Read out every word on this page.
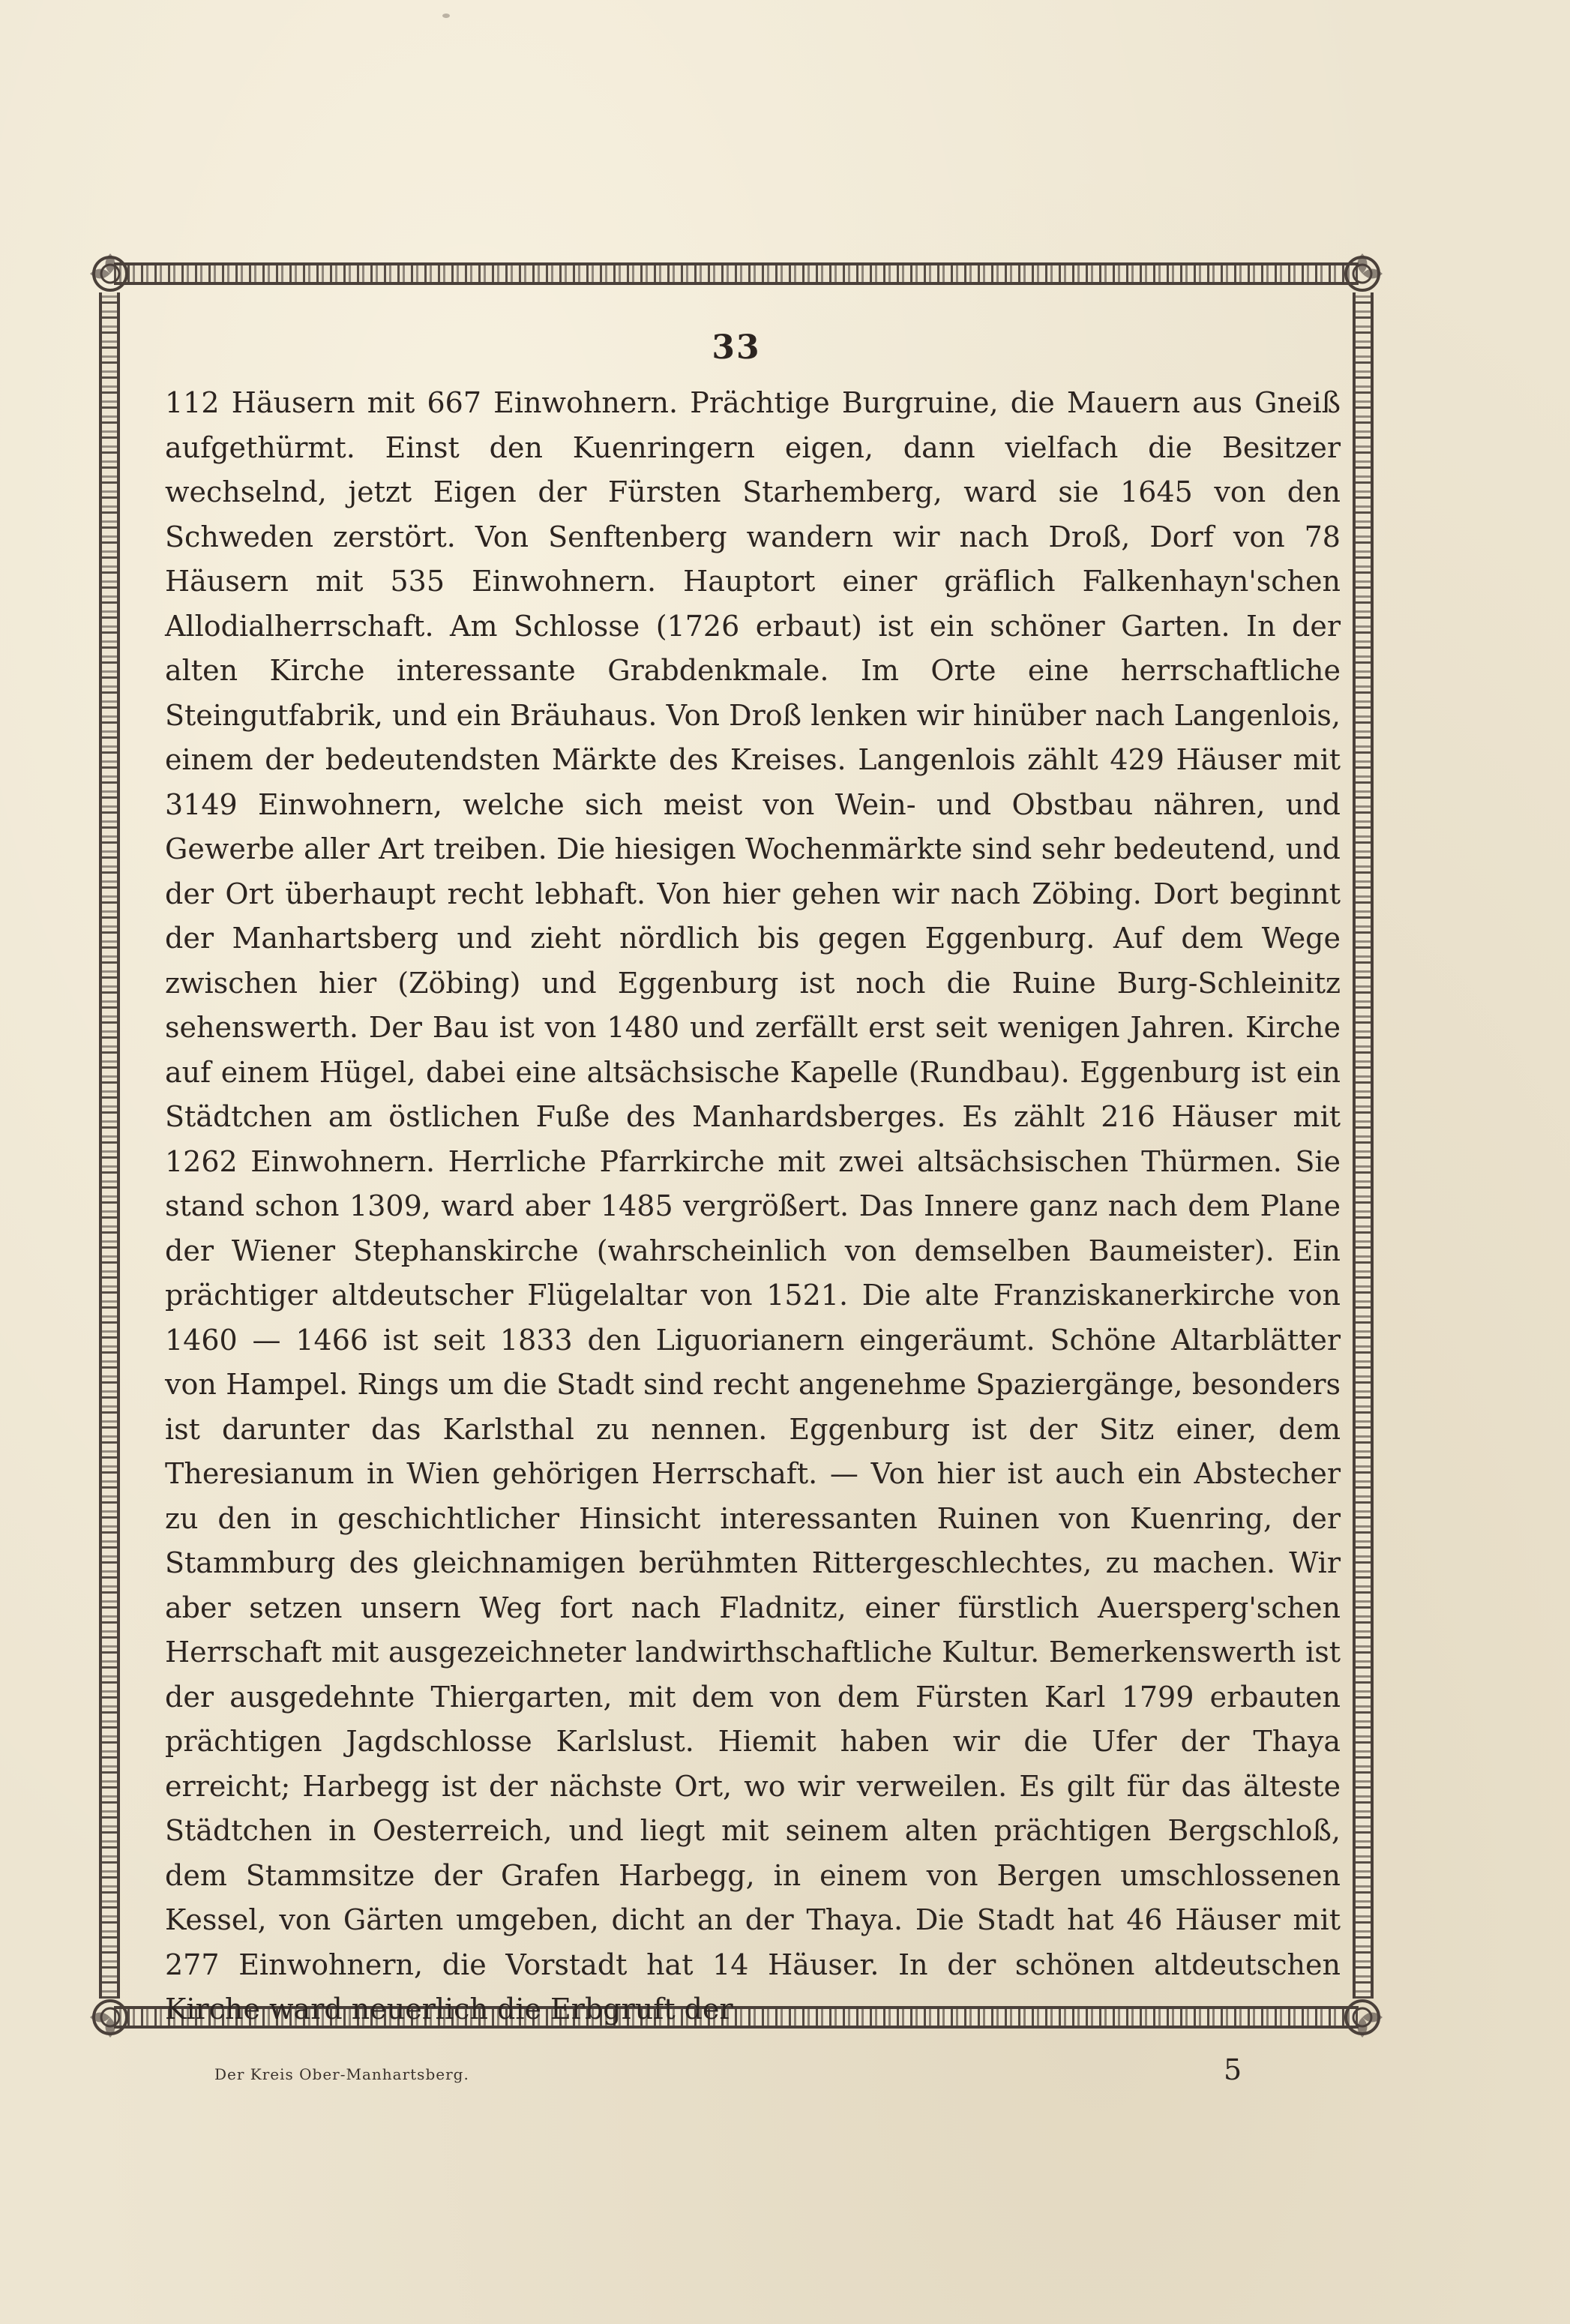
33

112 Häusern mit 667 Einwohnern. Prächtige Burgruine, die Mauern aus Gneiß aufgethürmt. Einst den Kuenringern eigen, dann vielfach die Besitzer wechselnd, jetzt Eigen der Fürsten Starhemberg, ward sie 1645 von den Schweden zerstört. Von Senftenberg wandern wir nach Droß, Dorf von 78 Häusern mit 535 Einwohnern. Hauptort einer gräflich Falkenhayn'schen Allodialherrschaft. Am Schlosse (1726 erbaut) ist ein schöner Garten. In der alten Kirche interessante Grabdenkmale. Im Orte eine herrschaftliche Steingutfabrik, und ein Bräuhaus. Von Droß lenken wir hinüber nach Langenlois, einem der bedeutendsten Märkte des Kreises. Langenlois zählt 429 Häuser mit 3149 Einwohnern, welche sich meist von Wein- und Obstbau nähren, und Gewerbe aller Art treiben. Die hiesigen Wochenmärkte sind sehr bedeutend, und der Ort überhaupt recht lebhaft. Von hier gehen wir nach Zöbing. Dort beginnt der Manhartsberg und zieht nördlich bis gegen Eggenburg. Auf dem Wege zwischen hier (Zöbing) und Eggenburg ist noch die Ruine Burg-Schleinitz sehenswerth. Der Bau ist von 1480 und zerfällt erst seit wenigen Jahren. Kirche auf einem Hügel, dabei eine altsächsische Kapelle (Rundbau). Eggenburg ist ein Städtchen am östlichen Fuße des Manhardsberges. Es zählt 216 Häuser mit 1262 Einwohnern. Herrliche Pfarrkirche mit zwei altsächsischen Thürmen. Sie stand schon 1309, ward aber 1485 vergrößert. Das Innere ganz nach dem Plane der Wiener Stephanskirche (wahrscheinlich von demselben Baumeister). Ein prächtiger altdeutscher Flügelaltar von 1521. Die alte Franziskanerkirche von 1460 — 1466 ist seit 1833 den Liguorianern eingeräumt. Schöne Altarblätter von Hampel. Rings um die Stadt sind recht angenehme Spaziergänge, besonders ist darunter das Karlsthal zu nennen. Eggenburg ist der Sitz einer, dem Theresianum in Wien gehörigen Herrschaft. — Von hier ist auch ein Abstecher zu den in geschichtlicher Hinsicht interessanten Ruinen von Kuenring, der Stammburg des gleichnamigen berühmten Rittergeschlechtes, zu machen. Wir aber setzen unsern Weg fort nach Fladnitz, einer fürstlich Auersperg'schen Herrschaft mit ausgezeichneter landwirthschaftliche Kultur. Bemerkenswerth ist der ausgedehnte Thiergarten, mit dem von dem Fürsten Karl 1799 erbauten prächtigen Jagdschlosse Karlslust. Hiemit haben wir die Ufer der Thaya erreicht; Harbegg ist der nächste Ort, wo wir verweilen. Es gilt für das älteste Städtchen in Oesterreich, und liegt mit seinem alten prächtigen Bergschloß, dem Stammsitze der Grafen Harbegg, in einem von Bergen umschlossenen Kessel, von Gärten umgeben, dicht an der Thaya. Die Stadt hat 46 Häuser mit 277 Einwohnern, die Vorstadt hat 14 Häuser. In der schönen altdeutschen Kirche ward neuerlich die Erbgruft der

Der Kreis Ober-Manhartsberg.	5
